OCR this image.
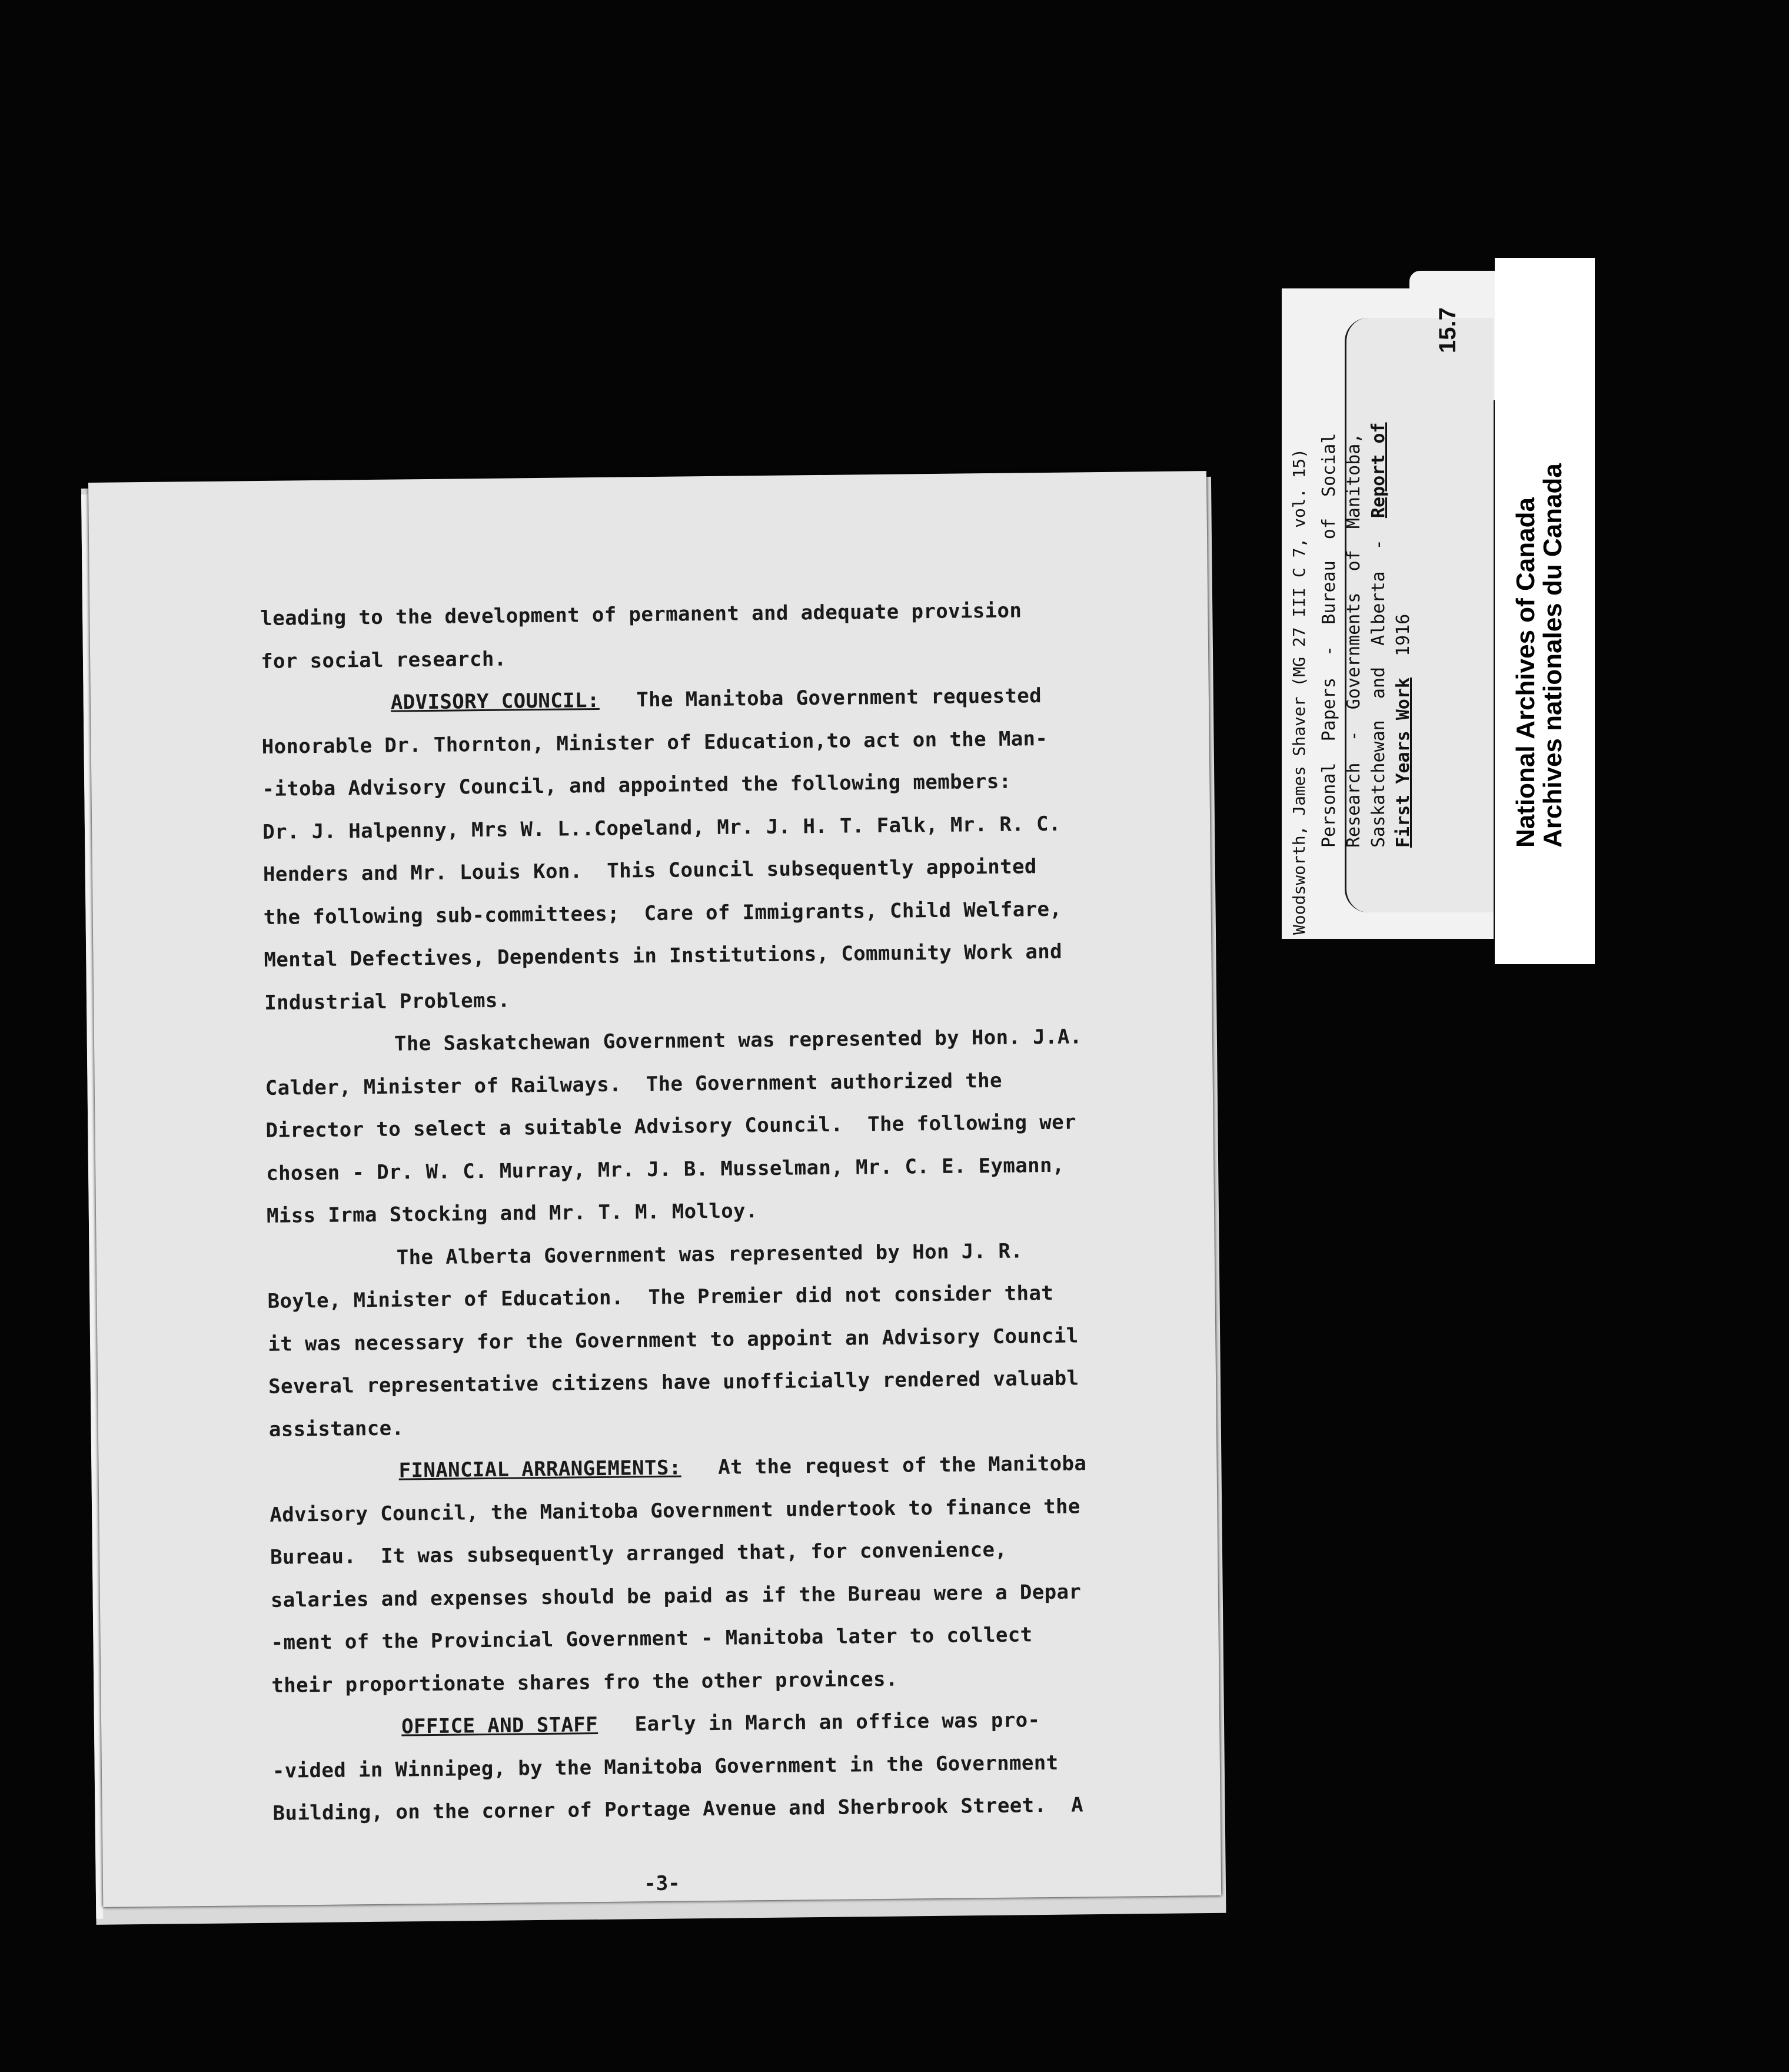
leading to the development of permanent and adequate provision
for social research.
ADVISORY COUNCIL: The Manitoba Government requested
Honorable Dr. Thornton, Minister of Education,to act on the Man-
-itoba Advisory Council, and appointed the following members:
Dr. J. Halpenny, Mrs W. L..Copeland, Mr. J. H. T. Falk, Mr. R. C.
Henders and Mr. Louis Kon.  This Council subsequently appointed
the following sub-committees;  Care of Immigrants, Child Welfare,
Mental Defectives, Dependents in Institutions, Community Work and
Industrial Problems.
The Saskatchewan Government was represented by Hon. J.A.
Calder, Minister of Railways.  The Government authorized the
Director to select a suitable Advisory Council.  The following wer
chosen - Dr. W. C. Murray, Mr. J. B. Musselman, Mr. C. E. Eymann,
Miss Irma Stocking and Mr. T. M. Molloy.
The Alberta Government was represented by Hon J. R.
Boyle, Minister of Education.  The Premier did not consider that
it was necessary for the Government to appoint an Advisory Council
Several representative citizens have unofficially rendered valuabl
assistance.
FINANCIAL ARRANGEMENTS: At the request of the Manitoba
Advisory Council, the Manitoba Government undertook to finance the
Bureau.  It was subsequently arranged that, for convenience,
salaries and expenses should be paid as if the Bureau were a Depar
-ment of the Provincial Government - Manitoba later to collect
their proportionate shares fro the other provinces.
OFFICE AND STAFF Early in March an office was pro-
-vided in Winnipeg, by the Manitoba Government in the Government
Building, on the corner of Portage Avenue and Sherbrook Street.  A
-3-
Woodsworth, James Shaver (MG 27 III C 7, vol. 15) Personal  Papers  -  Bureau  of  Social Research  -  Governments  of  Manitoba, Saskatchewan  and  Alberta  -  Report of
First Years Work  1916
15.7
National Archives of Canada
Archives nationales du Canada
